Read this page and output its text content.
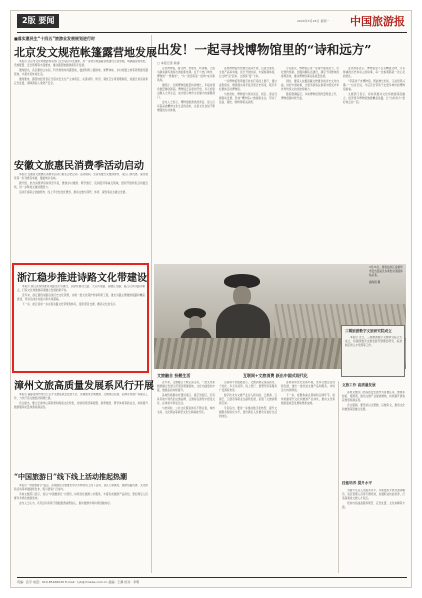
2版 要闻	2024年3月18日 星期一 中国旅游报
■落实惠民生“十四五”旅游业发展规划进行时
北京发文规范帐篷露营地发展

本报讯 北京市文化和旅游局等部门近日联合印发通知，进一步规范帐篷露营地建设运营管理，明确露营地选址、设施配置、安全管理等方面要求，推动露营旅游健康有序发展。

通知提出，各区要结合实际，科学规划布局露营地，鼓励利用公园绿地、郊野林地、乡村闲置土地等资源建设露营地，丰富市民休闲生活。

通知要求，露营地经营者应当落实安全生产主体责任，完善消防、防汛、餐饮卫生等管理制度，加强日常巡查和应急处置，保障游客人身财产安全。

安徽文旅惠民消费季活动启动

本报讯 安徽省文旅惠民消费季活动日前在合肥启动。活动期间，全省将推出文旅消费券、景区门票优惠、演出展览等一系列惠民举措，覆盖城乡各地。

据介绍，此次消费季将持续至年底，聚焦乡村旅游、研学旅行、夜间经济等重点领域，组织开展特色活动数百场，进一步释放文旅消费潜力。

活动还将联合金融机构、线上平台发放优惠券，推动文旅与商贸、体育、餐饮等业态融合发展。

浙江稳步推进诗路文化带建设

本报讯 浙江省持续推进诗路文化带建设，以浙东唐诗之路、大运河诗路、钱塘江诗路、瓯江山水诗路为重点，打造文化和旅游深度融合发展的新平台。

近年来，浙江围绕诗路沿线历史文化资源，实施一批文化保护传承利用工程，推出诗路主题旅游线路和精品游径，带动沿线乡村振兴和共同富裕。

下一步，浙江将进一步完善诗路文化带规划体系，强化项目支撑，擦亮文化金名片。

漳州文旅高质量发展系风行开展

本报讯 福建省漳州市近日召开文旅高质量发展大会，部署推进全域旅游、文旅项目招商、品牌宣传推广等重点工作，力争打造文旅经济新增长极。

会议提出，要立足漳州山海资源和闽南文化特色，加快培育滨海度假、康养旅居、研学体验等新业态，持续提升旅游服务质量和游客满意度。

“中国旅游日”线下线上活动推起热潮

本报讯 “中国旅游日”临近，各地围绕主题推出形式多样的线上线下活动，景区门票减免、旅游线路优惠、文化体验活动等举措陆续发布，吸引游客广泛参与。

多地文旅部门表示，将以“中国旅游日”为契机，持续优化旅游公共服务，丰富优质旅游产品供给，更好满足人民群众多样化旅游需求。

业内人士认为，系列活动有助于提振旅游消费信心，推动旅游市场持续回暖向好。

出发！一起寻找博物馆里的“诗和远方”
□ 本报记者 杨睿

走进博物馆，看文物、赏展览、听讲解，已成为越来越多游客出游的新选择。在不少热门城市，博物馆“一票难求”，“为一座馆奔赴一座城”成为新风尚。

据统计，全国博物馆数量持续增长，年接待观众数量屡创新高。博物馆正以更加开放、多元的姿态融入大众生活，成为展示城市文化魅力的重要窗口。

业内人士表示，博物馆旅游热的背后，是人们对高品质精神文化生活的追求，也是文化自信不断增强的生动体现。

各地博物馆纷纷推出夜间开放、沉浸式展览、文创产品等举措，延长开放时间，丰富参观体验，让文物“活”起来、让游客“留”下来。

一些博物馆利用数字技术打造线上展厅，通过虚拟现实、增强现实等手段还原历史场景，吸引年轻群体走进博物馆。

与此同时，博物馆与周边景区、街区、商业设施联动发展，形成“博物馆+”旅游新业态，带动了住宿、餐饮、购物等相关消费。

专家建议，博物馆应进一步提升服务能力，优化预约机制，加强讲解队伍建设，满足不同群体的参观需求，推动博物馆事业高质量发展。

同时，要深入挖掘馆藏文物蕴含的历史文化内涵，讲好中国故事，让更多游客在参观中感受中华优秀传统文化的独特魅力。

随着假期临近，多地博物馆预约量明显上升，博物馆游持续升温。

受访游客表示，博物馆里不仅有精美文物，还有厚重的历史和动人的故事，每一次参观都是一次心灵的洗礼。

“带着孩子来博物馆，既能增长知识，又能培养兴趣。”一位家长说，今后还会带孩子去更多城市的博物馆看看。

文旅部门表示，将持续推动文化和旅游深度融合，培育更多博物馆旅游精品线路，让“诗和远方”更好地走到一起。

3月15日，游客在浙江省湖州市安吉县溪龙乡黄杜村茶园体验采茶。
谢尚国 摄
文旅融合 扮靓生活	互联网+文旅消费 跃出中国式现代化

近年来，文旅融合不断走深走实，一批文化和旅游融合发展示范项目相继落地，文化内涵更加丰富，旅游品质持续提升。

各地积极推动非遗进景区、演艺进街区，打造具有地方特色的文旅品牌，让游客在游览中感受文化、在体验中享受生活。

与此同时，公共文化服务体系不断完善，城市书房、文化驿站等新型文化空间遍地开花。

互联网平台数据显示，文旅消费呈现品质化、个性化、多元化趋势，线上预订、智慧导览等服务广受游客欢迎。

数字技术为文旅产业注入新动能，云旅游、云演艺、云展览等新业态蓬勃发展，拓展了文旅消费新空间。

专家指出，要进一步推动数字化转型，提升文旅服务智能化水平，更好满足人民群众对美好生活的向往。

各地持续优化营商环境，支持文旅企业创新发展，推出一批优质文旅产品和服务，市场活力持续释放。

下一步，将聚焦重点领域和关键环节，加快构建现代文化和旅游产业体系，推动文化和旅游高质量发展取得新成效。

三稀旅游数字文旅研究院成立

本报讯 近日，三稀旅游数字文旅研究院正式成立，将围绕数字文旅发展开展理论研究、标准制定和人才培养等工作。

文旅工作 高质量发展

各地文旅部门把高质量发展作为首要任务，聚焦补短板、强弱项，推动文旅产业提质增效，持续提升游客获得感和满意度。

会议强调，要坚持以文塑旅、以旅彰文，推进文化和旅游深度融合发展。

技能培养 提升水平

为提升从业人员服务水平，多地组织开展导游讲解员、景区管理人员等专题培训，加强职业技能培养，打造高素质文旅人才队伍。

培训内容涵盖服务规范、应急处置、文化讲解等方面。

责编：张宇 电话：010-85166030 E-mail：lyb@ctnews.com.cn 美编：王静 校对：李明
